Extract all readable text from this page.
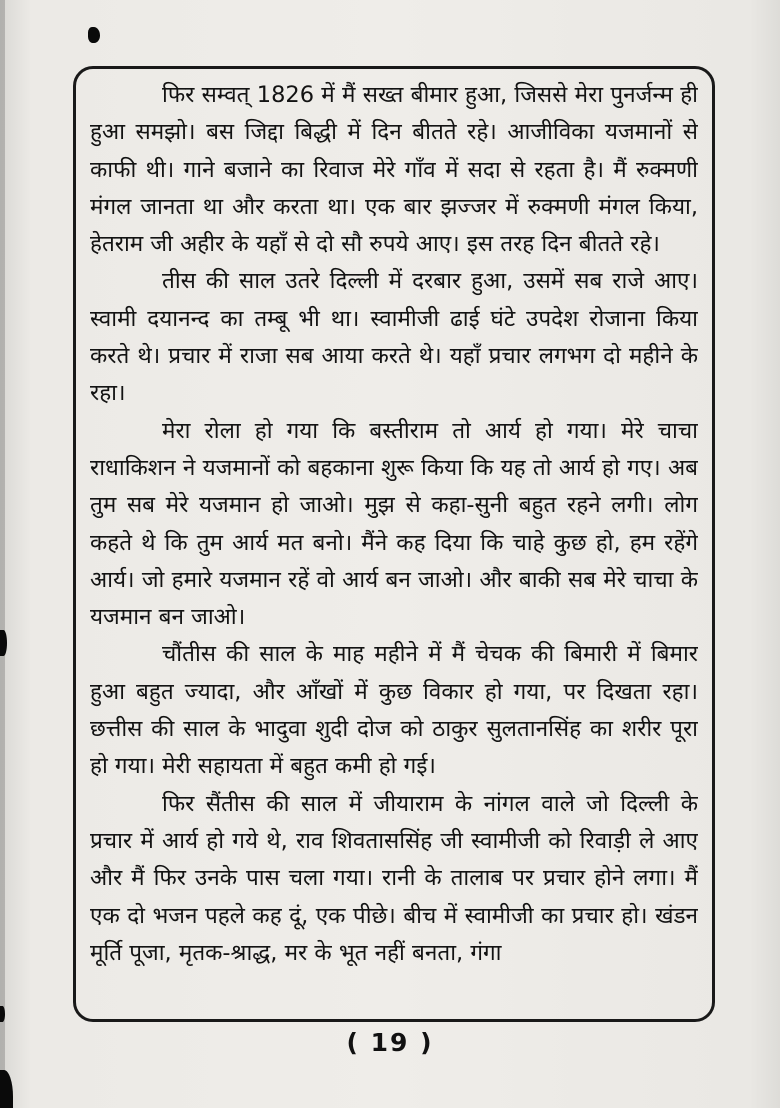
फिर सम्वत् 1826 में मैं सख्त बीमार हुआ, जिससे मेरा पुनर्जन्म ही हुआ समझो। बस जिद्दा बिद्धी में दिन बीतते रहे। आजीविका यजमानों से काफी थी। गाने बजाने का रिवाज मेरे गाँव में सदा से रहता है। मैं रुक्मणी मंगल जानता था और करता था। एक बार झज्जर में रुक्मणी मंगल किया, हेतराम जी अहीर के यहाँ से दो सौ रुपये आए। इस तरह दिन बीतते रहे।

तीस की साल उतरे दिल्ली में दरबार हुआ, उसमें सब राजे आए। स्वामी दयानन्द का तम्बू भी था। स्वामीजी ढाई घंटे उपदेश रोजाना किया करते थे। प्रचार में राजा सब आया करते थे। यहाँ प्रचार लगभग दो महीने के रहा।

मेरा रोला हो गया कि बस्तीराम तो आर्य हो गया। मेरे चाचा राधाकिशन ने यजमानों को बहकाना शुरू किया कि यह तो आर्य हो गए। अब तुम सब मेरे यजमान हो जाओ। मुझ से कहा-सुनी बहुत रहने लगी। लोग कहते थे कि तुम आर्य मत बनो। मैंने कह दिया कि चाहे कुछ हो, हम रहेंगे आर्य। जो हमारे यजमान रहें वो आर्य बन जाओ। और बाकी सब मेरे चाचा के यजमान बन जाओ।

चौंतीस की साल के माह महीने में मैं चेचक की बिमारी में बिमार हुआ बहुत ज्यादा, और आँखों में कुछ विकार हो गया, पर दिखता रहा। छत्तीस की साल के भादुवा शुदी दोज को ठाकुर सुलतानसिंह का शरीर पूरा हो गया। मेरी सहायता में बहुत कमी हो गई।

फिर सैंतीस की साल में जीयाराम के नांगल वाले जो दिल्ली के प्रचार में आर्य हो गये थे, राव शिवताससिंह जी स्वामीजी को रिवाड़ी ले आए और मैं फिर उनके पास चला गया। रानी के तालाब पर प्रचार होने लगा। मैं एक दो भजन पहले कह दूं, एक पीछे। बीच में स्वामीजी का प्रचार हो। खंडन मूर्ति पूजा, मृतक-श्राद्ध, मर के भूत नहीं बनता, गंगा

( 19 )
